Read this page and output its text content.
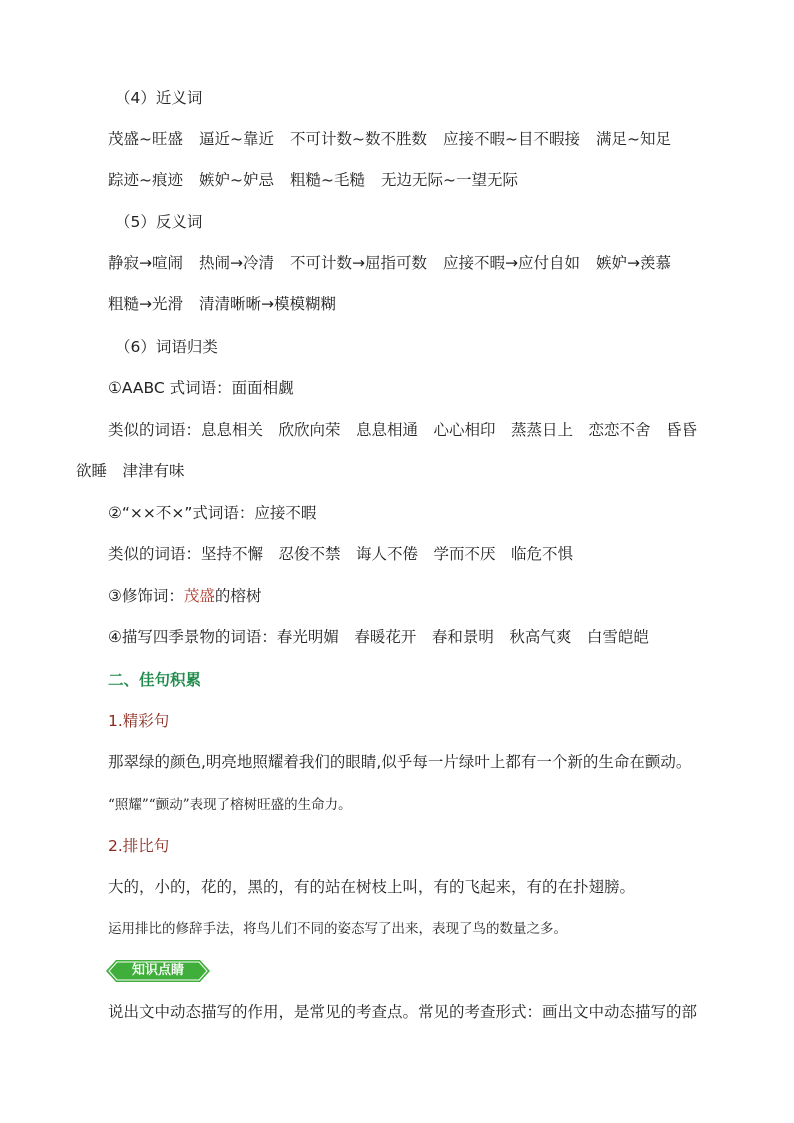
（4）近义词
茂盛~旺盛 逼近~靠近 不可计数~数不胜数 应接不暇~目不暇接 满足~知足
踪迹~痕迹 嫉妒~妒忌 粗糙~毛糙 无边无际~一望无际
（5）反义词
静寂→喧闹 热闹→冷清 不可计数→屈指可数 应接不暇→应付自如 嫉妒→羡慕
粗糙→光滑 清清晰晰→模模糊糊
（6）词语归类
①AABC 式词语：面面相觑
类似的词语：息息相关　欣欣向荣　息息相通　心心相印　蒸蒸日上　恋恋不舍　昏昏
欲睡　津津有味
②“××不×”式词语：应接不暇
类似的词语：坚持不懈　忍俊不禁　诲人不倦　学而不厌　临危不惧
③修饰词：茂盛的榕树
④描写四季景物的词语：春光明媚　春暖花开　春和景明　秋高气爽　白雪皑皑
二、佳句积累
1.精彩句
那翠绿的颜色,明亮地照耀着我们的眼睛,似乎每一片绿叶上都有一个新的生命在颤动。
“照耀”“颤动”表现了榕树旺盛的生命力。
2.排比句
大的，小的，花的，黑的，有的站在树枝上叫，有的飞起来，有的在扑翅膀。
运用排比的修辞手法，将鸟儿们不同的姿态写了出来，表现了鸟的数量之多。
知识点睛
说出文中动态描写的作用，是常见的考查点。常见的考查形式：画出文中动态描写的部
